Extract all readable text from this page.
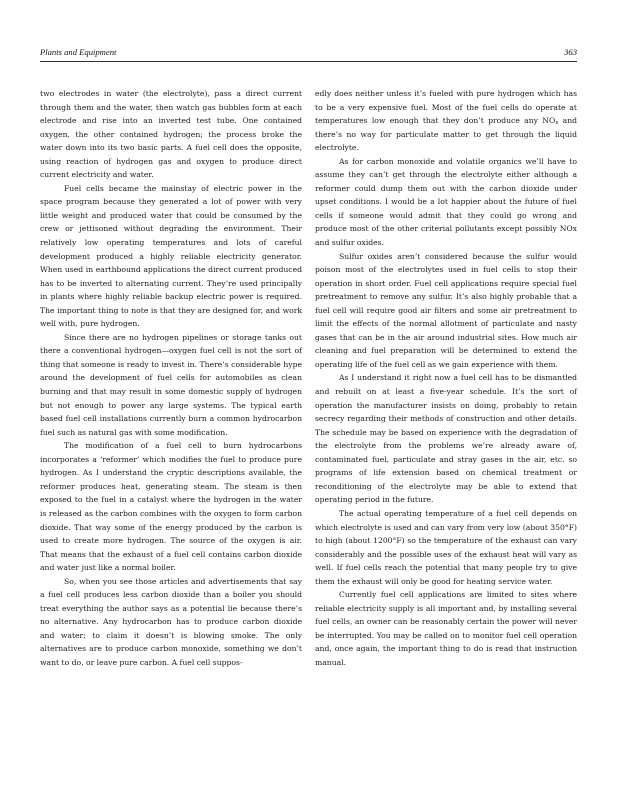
Plants and Equipment	363

two electrodes in water (the electrolyte), pass a direct current through them and the water, then watch gas bubbles form at each electrode and rise into an inverted test tube. One contained oxygen, the other contained hydrogen; the process broke the water down into its two basic parts. A fuel cell does the opposite, using reaction of hydrogen gas and oxygen to produce direct current electricity and water.

Fuel cells became the mainstay of electric power in the space program because they generated a lot of power with very little weight and produced water that could be consumed by the crew or jettisoned without degrading the environment. Their relatively low operating temperatures and lots of careful development produced a highly reliable electricity generator. When used in earthbound applications the direct current produced has to be inverted to alternating current. They’re used principally in plants where highly reliable backup electric power is required. The important thing to note is that they are designed for, and work well with, pure hydrogen.

Since there are no hydrogen pipelines or storage tanks out there a conventional hydrogen—oxygen fuel cell is not the sort of thing that someone is ready to invest in. There’s considerable hype around the development of fuel cells for automobiles as clean burning and that may result in some domestic supply of hydrogen but not enough to power any large systems. The typical earth based fuel cell installations currently burn a common hydrocarbon fuel such as natural gas with some modification.

The modification of a fuel cell to burn hydrocarbons incorporates a ‘reformer’ which modifies the fuel to produce pure hydrogen. As I understand the cryptic descriptions available, the reformer produces heat, generating steam. The steam is then exposed to the fuel in a catalyst where the hydrogen in the water is released as the carbon combines with the oxygen to form carbon dioxide. That way some of the energy produced by the carbon is used to create more hydrogen. The source of the oxygen is air. That means that the exhaust of a fuel cell contains carbon dioxide and water just like a normal boiler.

So, when you see those articles and advertisements that say a fuel cell produces less carbon dioxide than a boiler you should treat everything the author says as a potential lie because there’s no alternative. Any hydrocarbon has to produce carbon dioxide and water; to claim it doesn’t is blowing smoke. The only alternatives are to produce carbon monoxide, something we don’t want to do, or leave pure carbon. A fuel cell suppos-

edly does neither unless it’s fueled with pure hydrogen which has to be a very expensive fuel. Most of the fuel cells do operate at temperatures low enough that they don’t produce any $NO_x$ and there’s no way for particulate matter to get through the liquid electrolyte.

As for carbon monoxide and volatile organics we’ll have to assume they can’t get through the electrolyte either although a reformer could dump them out with the carbon dioxide under upset conditions. I would be a lot happier about the future of fuel cells if someone would admit that they could go wrong and produce most of the other criterial pollutants except possibly NOx and sulfur oxides.

Sulfur oxides aren’t considered because the sulfur would poison most of the electrolytes used in fuel cells to stop their operation in short order. Fuel cell applications require special fuel pretreatment to remove any sulfur. It’s also highly probable that a fuel cell will require good air filters and some air pretreatment to limit the effects of the normal allotment of particulate and nasty gases that can be in the air around industrial sites. How much air cleaning and fuel preparation will be determined to extend the operating life of the fuel cell as we gain experience with them.

As I understand it right now a fuel cell has to be dismantled and rebuilt on at least a five-year schedule. It’s the sort of operation the manufacturer insists on doing, probably to retain secrecy regarding their methods of construction and other details. The schedule may be based on experience with the degradation of the electrolyte from the problems we’re already aware of, contaminated fuel, particulate and stray gases in the air, etc. so programs of life extension based on chemical treatment or reconditioning of the electrolyte may be able to extend that operating period in the future.

The actual operating temperature of a fuel cell depends on which electrolyte is used and can vary from very low (about 350°F) to high (about 1200°F) so the temperature of the exhaust can vary considerably and the possible uses of the exhaust heat will vary as well. If fuel cells reach the potential that many people try to give them the exhaust will only be good for heating service water.

Currently fuel cell applications are limited to sites where reliable electricity supply is all important and, by installing several fuel cells, an owner can be reasonably certain the power will never be interrupted. You may be called on to monitor fuel cell operation and, once again, the important thing to do is read that instruction manual.
